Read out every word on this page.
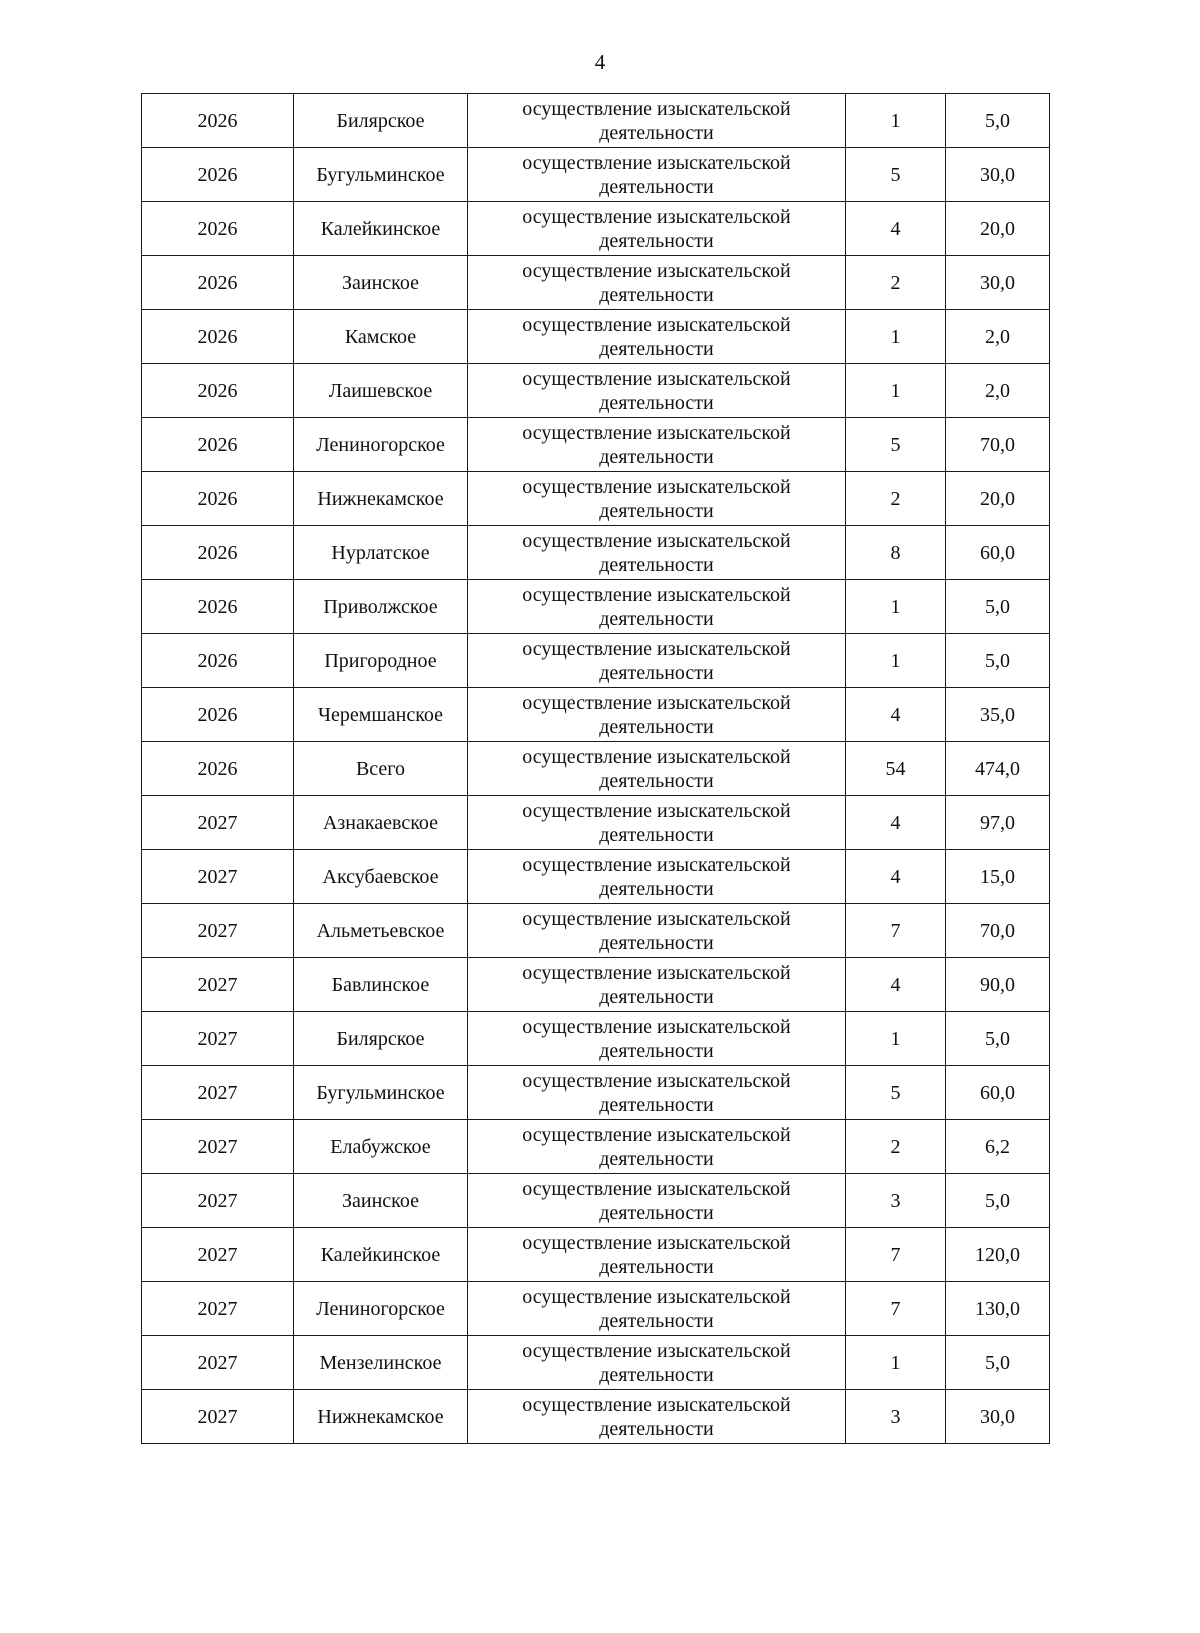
4
2026	Билярское	осуществление изыскательской деятельности	1	5,0
2026	Бугульминское	осуществление изыскательской деятельности	5	30,0
2026	Калейкинское	осуществление изыскательской деятельности	4	20,0
2026	Заинское	осуществление изыскательской деятельности	2	30,0
2026	Камское	осуществление изыскательской деятельности	1	2,0
2026	Лаишевское	осуществление изыскательской деятельности	1	2,0
2026	Лениногорское	осуществление изыскательской деятельности	5	70,0
2026	Нижнекамское	осуществление изыскательской деятельности	2	20,0
2026	Нурлатское	осуществление изыскательской деятельности	8	60,0
2026	Приволжское	осуществление изыскательской деятельности	1	5,0
2026	Пригородное	осуществление изыскательской деятельности	1	5,0
2026	Черемшанское	осуществление изыскательской деятельности	4	35,0
2026	Всего	осуществление изыскательской деятельности	54	474,0
2027	Азнакаевское	осуществление изыскательской деятельности	4	97,0
2027	Аксубаевское	осуществление изыскательской деятельности	4	15,0
2027	Альметьевское	осуществление изыскательской деятельности	7	70,0
2027	Бавлинское	осуществление изыскательской деятельности	4	90,0
2027	Билярское	осуществление изыскательской деятельности	1	5,0
2027	Бугульминское	осуществление изыскательской деятельности	5	60,0
2027	Елабужское	осуществление изыскательской деятельности	2	6,2
2027	Заинское	осуществление изыскательской деятельности	3	5,0
2027	Калейкинское	осуществление изыскательской деятельности	7	120,0
2027	Лениногорское	осуществление изыскательской деятельности	7	130,0
2027	Мензелинское	осуществление изыскательской деятельности	1	5,0
2027	Нижнекамское	осуществление изыскательской деятельности	3	30,0
